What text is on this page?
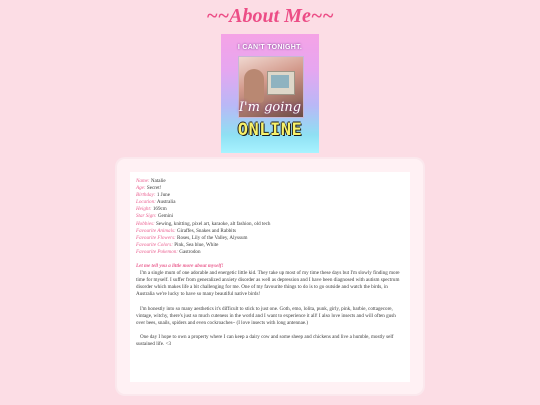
~~About Me~~
I CAN'T TONIGHT.
I'm going
ONLINE
Name: Natalie
Age: Secret!
Birthday: 1 June
Location: Australia
Height: 169cm
Star Sign: Gemini
Hobbies: Sewing, knitting, pixel art, karaoke, alt fashion, old tech
Favourite Animals: Giraffes, Snakes and Rabbits
Favourite Flowers: Roses, Lily of the Valley, Alyssum
Favourite Colors: Pink, Sea blue, White
Favourite Pokemon: Gastrodon
Let me tell you a little more about myself!

I'm a single mum of one adorable and energetic little kid. They take up most of my time these days but I'm slowly finding more time for myself. I suffer from generalized anxiety disorder as well as depression and I have been diagnosed with autism spectrum disorder which makes life a bit challenging for me. One of my favourite things to do is to go outside and watch the birds, in Australia we're lucky to have so many beautiful native birds!

I'm honestly into so many aesthetics it's difficult to stick to just one. Goth, emo, lolita, punk, girly, pink, barbie, cottagecore, vintage, witchy, there's just so much cuteness in the world and I want to experience it all! I also love insects and will often gush over bees, snails, spiders and even cockroaches~ (I love insects with long antennae.)

One day I hope to own a property where I can keep a dairy cow and some sheep and chickens and live a humble, mostly self sustained life. <3
